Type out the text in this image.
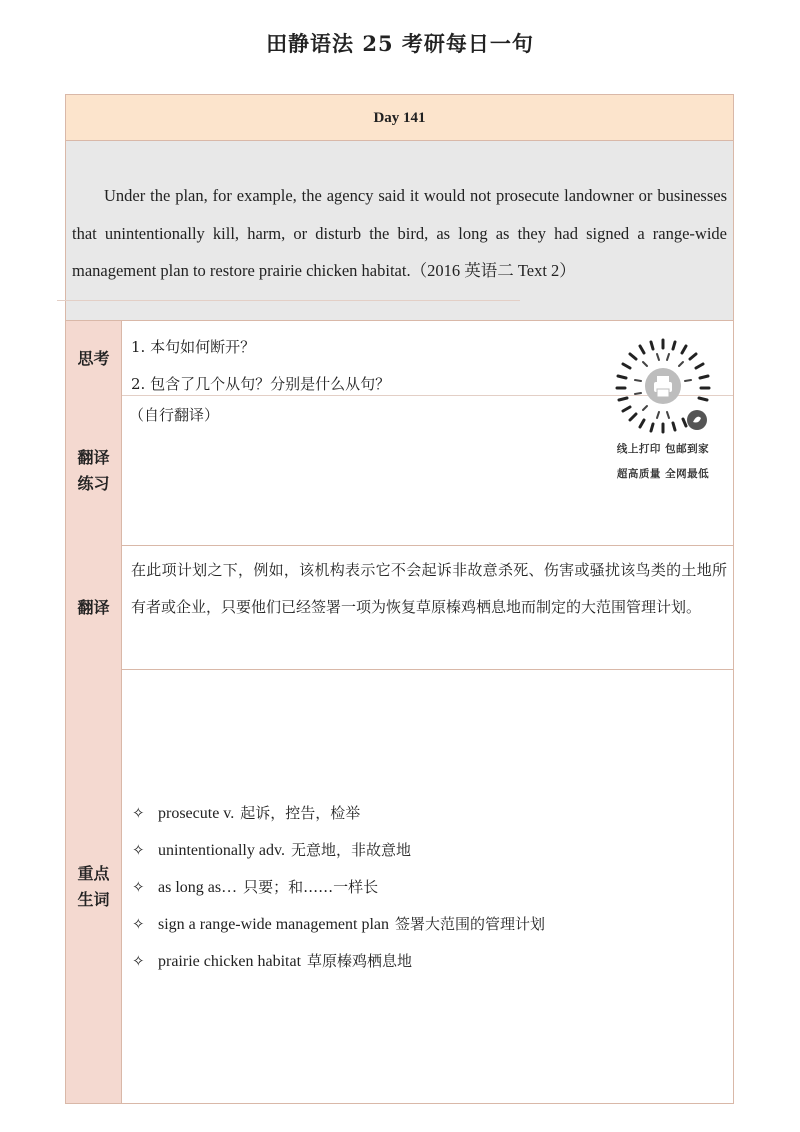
田静语法 25 考研每日一句
Day 141
Under the plan, for example, the agency said it would not prosecute landowner or businesses that unintentionally kill, harm, or disturb the bird, as long as they had signed a range-wide management plan to restore prairie chicken habitat.（2016 英语二 Text 2）
思考
1. 本句如何断开？
2. 包含了几个从句？分别是什么从句？
翻译
练习
（自行翻译）
翻译
在此项计划之下，例如，该机构表示它不会起诉非故意杀死、伤害或骚扰该鸟类的土地所有者或企业，只要他们已经签署一项为恢复草原榛鸡栖息地而制定的大范围管理计划。
重点
生词
✧ prosecute v. 起诉，控告，检举
✧ unintentionally adv. 无意地，非故意地
✧ as long as… 只要；和……一样长
✧ sign a range-wide management plan 签署大范围的管理计划
✧ prairie chicken habitat 草原榛鸡栖息地
线上打印 包邮到家
超高质量 全网最低
